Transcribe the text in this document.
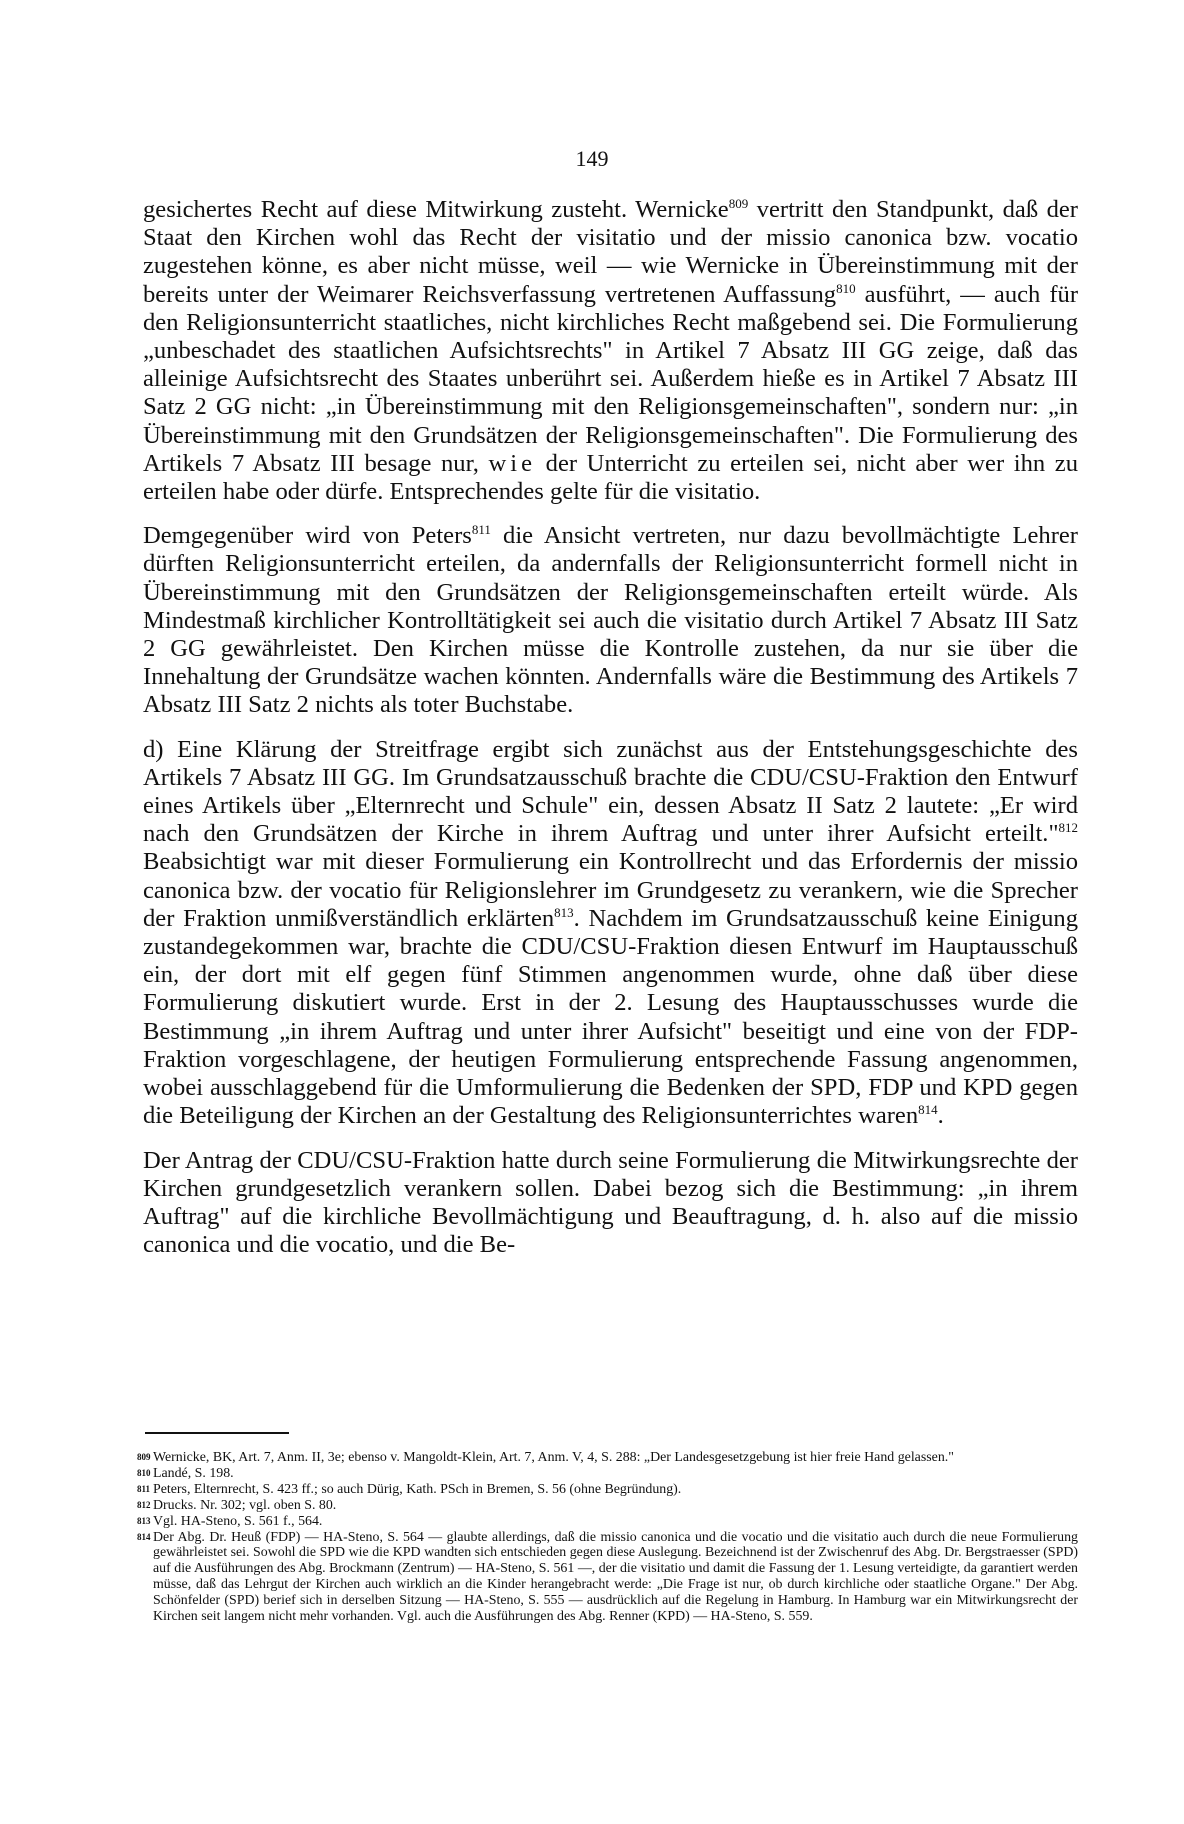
149

gesichertes Recht auf diese Mitwirkung zusteht. Wernicke$^{809}$ vertritt den Standpunkt, daß der Staat den Kirchen wohl das Recht der visitatio und der missio canonica bzw. vocatio zugestehen könne, es aber nicht müsse, weil — wie Wernicke in Übereinstimmung mit der bereits unter der Weimarer Reichsverfassung vertretenen Auffassung$^{810}$ ausführt, — auch für den Religionsunterricht staatliches, nicht kirchliches Recht maßgebend sei. Die Formulierung „unbeschadet des staatlichen Aufsichtsrechts" in Artikel 7 Absatz III GG zeige, daß das alleinige Aufsichtsrecht des Staates unberührt sei. Außerdem hieße es in Artikel 7 Absatz III Satz 2 GG nicht: „in Übereinstimmung mit den Religionsgemeinschaften", sondern nur: „in Übereinstimmung mit den Grundsätzen der Religionsgemeinschaften". Die Formulierung des Artikels 7 Absatz III besage nur, wie der Unterricht zu erteilen sei, nicht aber wer ihn zu erteilen habe oder dürfe. Entsprechendes gelte für die visitatio.

Demgegenüber wird von Peters$^{811}$ die Ansicht vertreten, nur dazu bevollmächtigte Lehrer dürften Religionsunterricht erteilen, da andernfalls der Religionsunterricht formell nicht in Übereinstimmung mit den Grundsätzen der Religionsgemeinschaften erteilt würde. Als Mindestmaß kirchlicher Kontrolltätigkeit sei auch die visitatio durch Artikel 7 Absatz III Satz 2 GG gewährleistet. Den Kirchen müsse die Kontrolle zustehen, da nur sie über die Innehaltung der Grundsätze wachen könnten. Andernfalls wäre die Bestimmung des Artikels 7 Absatz III Satz 2 nichts als toter Buchstabe.

d) Eine Klärung der Streitfrage ergibt sich zunächst aus der Entstehungsgeschichte des Artikels 7 Absatz III GG. Im Grundsatzausschuß brachte die CDU/CSU-Fraktion den Entwurf eines Artikels über „Elternrecht und Schule" ein, dessen Absatz II Satz 2 lautete: „Er wird nach den Grundsätzen der Kirche in ihrem Auftrag und unter ihrer Aufsicht erteilt."$^{812}$ Beabsichtigt war mit dieser Formulierung ein Kontrollrecht und das Erfordernis der missio canonica bzw. der vocatio für Religionslehrer im Grundgesetz zu verankern, wie die Sprecher der Fraktion unmißverständlich erklärten$^{813}$. Nachdem im Grundsatzausschuß keine Einigung zustandegekommen war, brachte die CDU/CSU-Fraktion diesen Entwurf im Hauptausschuß ein, der dort mit elf gegen fünf Stimmen angenommen wurde, ohne daß über diese Formulierung diskutiert wurde. Erst in der 2. Lesung des Hauptausschusses wurde die Bestimmung „in ihrem Auftrag und unter ihrer Aufsicht" beseitigt und eine von der FDP-Fraktion vorgeschlagene, der heutigen Formulierung entsprechende Fassung angenommen, wobei ausschlaggebend für die Umformulierung die Bedenken der SPD, FDP und KPD gegen die Beteiligung der Kirchen an der Gestaltung des Religionsunterrichtes waren$^{814}$.

Der Antrag der CDU/CSU-Fraktion hatte durch seine Formulierung die Mitwirkungsrechte der Kirchen grundgesetzlich verankern sollen. Dabei bezog sich die Bestimmung: „in ihrem Auftrag" auf die kirchliche Bevollmächtigung und Beauftragung, d. h. also auf die missio canonica und die vocatio, und die Be-

809 Wernicke, BK, Art. 7, Anm. II, 3e; ebenso v. Mangoldt-Klein, Art. 7, Anm. V, 4, S. 288: „Der Landesgesetzgebung ist hier freie Hand gelassen."
810 Landé, S. 198.
811 Peters, Elternrecht, S. 423 ff.; so auch Dürig, Kath. PSch in Bremen, S. 56 (ohne Begründung).
812 Drucks. Nr. 302; vgl. oben S. 80.
813 Vgl. HA-Steno, S. 561 f., 564.
814 Der Abg. Dr. Heuß (FDP) — HA-Steno, S. 564 — glaubte allerdings, daß die missio canonica und die vocatio und die visitatio auch durch die neue Formulierung gewährleistet sei. Sowohl die SPD wie die KPD wandten sich entschieden gegen diese Auslegung. Bezeichnend ist der Zwischenruf des Abg. Dr. Bergstraesser (SPD) auf die Ausführungen des Abg. Brockmann (Zentrum) — HA-Steno, S. 561 —, der die visitatio und damit die Fassung der 1. Lesung verteidigte, da garantiert werden müsse, daß das Lehrgut der Kirchen auch wirklich an die Kinder herangebracht werde: „Die Frage ist nur, ob durch kirchliche oder staatliche Organe." Der Abg. Schönfelder (SPD) berief sich in derselben Sitzung — HA-Steno, S. 555 — ausdrücklich auf die Regelung in Hamburg. In Hamburg war ein Mitwirkungsrecht der Kirchen seit langem nicht mehr vorhanden. Vgl. auch die Ausführungen des Abg. Renner (KPD) — HA-Steno, S. 559.
